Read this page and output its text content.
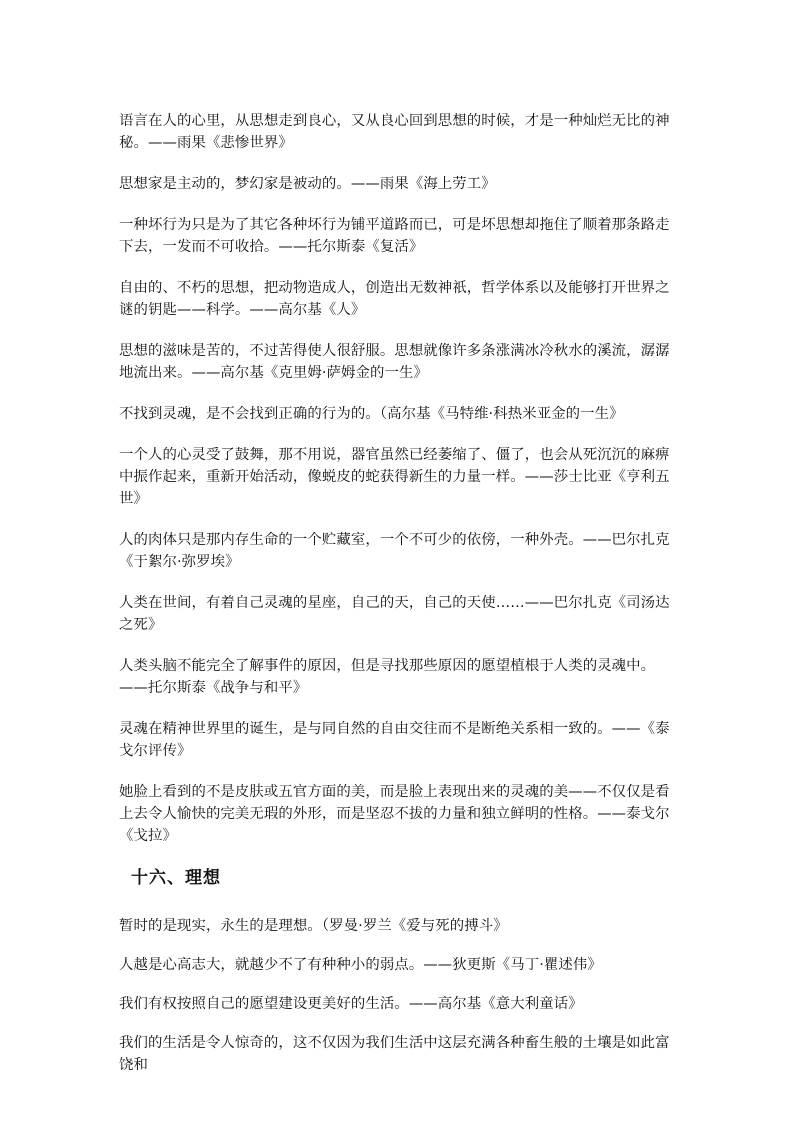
语言在人的心里，从思想走到良心，又从良心回到思想的时候，才是一种灿烂无比的神秘。——雨果《悲惨世界》

思想家是主动的，梦幻家是被动的。——雨果《海上劳工》

一种坏行为只是为了其它各种坏行为铺平道路而已，可是坏思想却拖住了顺着那条路走下去，一发而不可收拾。——托尔斯泰《复活》

自由的、不朽的思想，把动物造成人，创造出无数神祇，哲学体系以及能够打开世界之谜的钥匙——科学。——高尔基《人》

思想的滋味是苦的，不过苦得使人很舒服。思想就像许多条涨满冰冷秋水的溪流，潺潺地流出来。——高尔基《克里姆·萨姆金的一生》

不找到灵魂，是不会找到正确的行为的。（高尔基《马特维·科热米亚金的一生》

一个人的心灵受了鼓舞，那不用说，器官虽然已经萎缩了、僵了，也会从死沉沉的麻痹中振作起来，重新开始活动，像蜕皮的蛇获得新生的力量一样。——莎士比亚《亨利五世》

人的肉体只是那内存生命的一个贮藏室，一个不可少的依傍，一种外壳。——巴尔扎克《于絮尔·弥罗埃》

人类在世间，有着自己灵魂的星座，自己的天，自己的天使……——巴尔扎克《司汤达之死》

人类头脑不能完全了解事件的原因，但是寻找那些原因的愿望植根于人类的灵魂中。——托尔斯泰《战争与和平》

灵魂在精神世界里的诞生，是与同自然的自由交往而不是断绝关系相一致的。——《泰戈尔评传》

她脸上看到的不是皮肤或五官方面的美，而是脸上表现出来的灵魂的美——不仅仅是看上去令人愉快的完美无瑕的外形，而是坚忍不拔的力量和独立鲜明的性格。——泰戈尔《戈拉》

十六、理想

暂时的是现实，永生的是理想。（罗曼·罗兰《爱与死的搏斗》

人越是心高志大，就越少不了有种种小的弱点。——狄更斯《马丁·瞿述伟》

我们有权按照自己的愿望建设更美好的生活。——高尔基《意大利童话》

我们的生活是令人惊奇的，这不仅因为我们生活中这层充满各种畜生般的土壤是如此富饶和
